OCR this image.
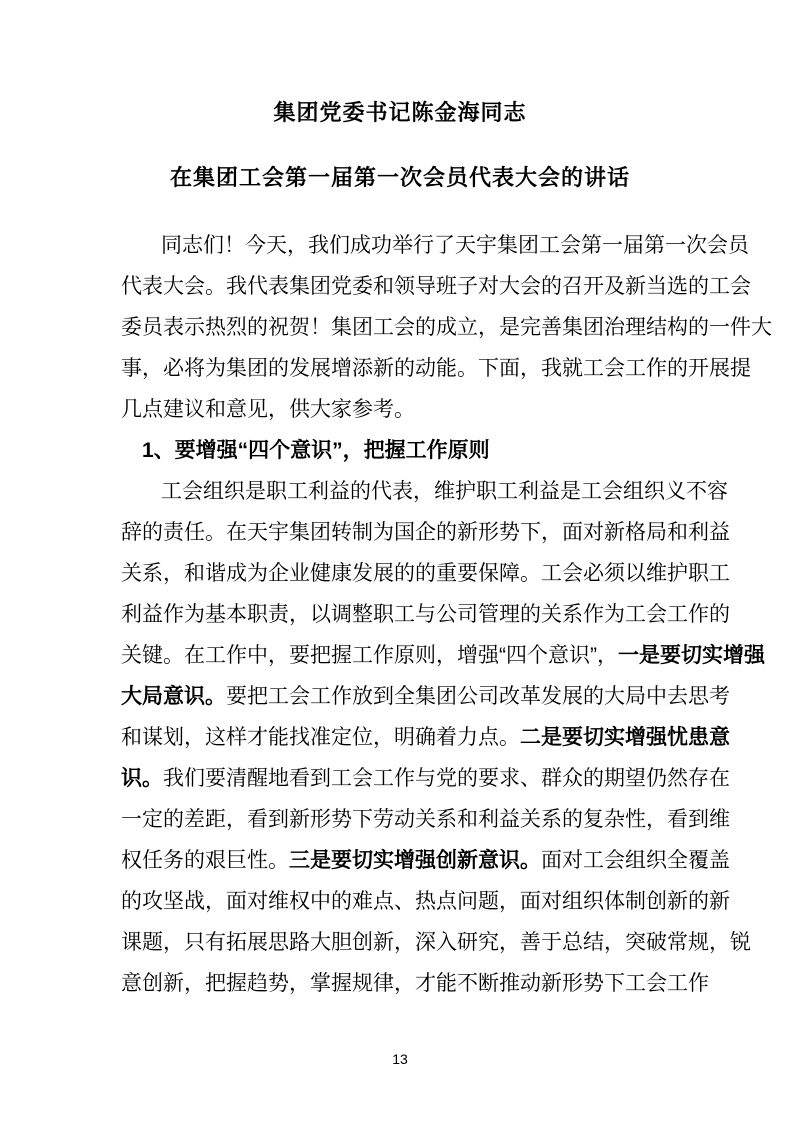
集团党委书记陈金海同志
在集团工会第一届第一次会员代表大会的讲话
同志们！今天，我们成功举行了天宇集团工会第一届第一次会员
代表大会。我代表集团党委和领导班子对大会的召开及新当选的工会
委员表示热烈的祝贺！集团工会的成立，是完善集团治理结构的一件大
事，必将为集团的发展增添新的动能。下面，我就工会工作的开展提
几点建议和意见，供大家参考。
1、要增强“四个意识”，把握工作原则
工会组织是职工利益的代表，维护职工利益是工会组织义不容
辞的责任。在天宇集团转制为国企的新形势下，面对新格局和利益
关系，和谐成为企业健康发展的的重要保障。工会必须以维护职工
利益作为基本职责，以调整职工与公司管理的关系作为工会工作的
关键。在工作中，要把握工作原则，增强“四个意识”，一是要切实增强
大局意识。要把工会工作放到全集团公司改革发展的大局中去思考
和谋划，这样才能找准定位，明确着力点。二是要切实增强忧患意
识。我们要清醒地看到工会工作与党的要求、群众的期望仍然存在
一定的差距，看到新形势下劳动关系和利益关系的复杂性，看到维
权任务的艰巨性。三是要切实增强创新意识。面对工会组织全覆盖
的攻坚战，面对维权中的难点、热点问题，面对组织体制创新的新
课题，只有拓展思路大胆创新，深入研究，善于总结，突破常规，锐
意创新，把握趋势，掌握规律，才能不断推动新形势下工会工作
13
